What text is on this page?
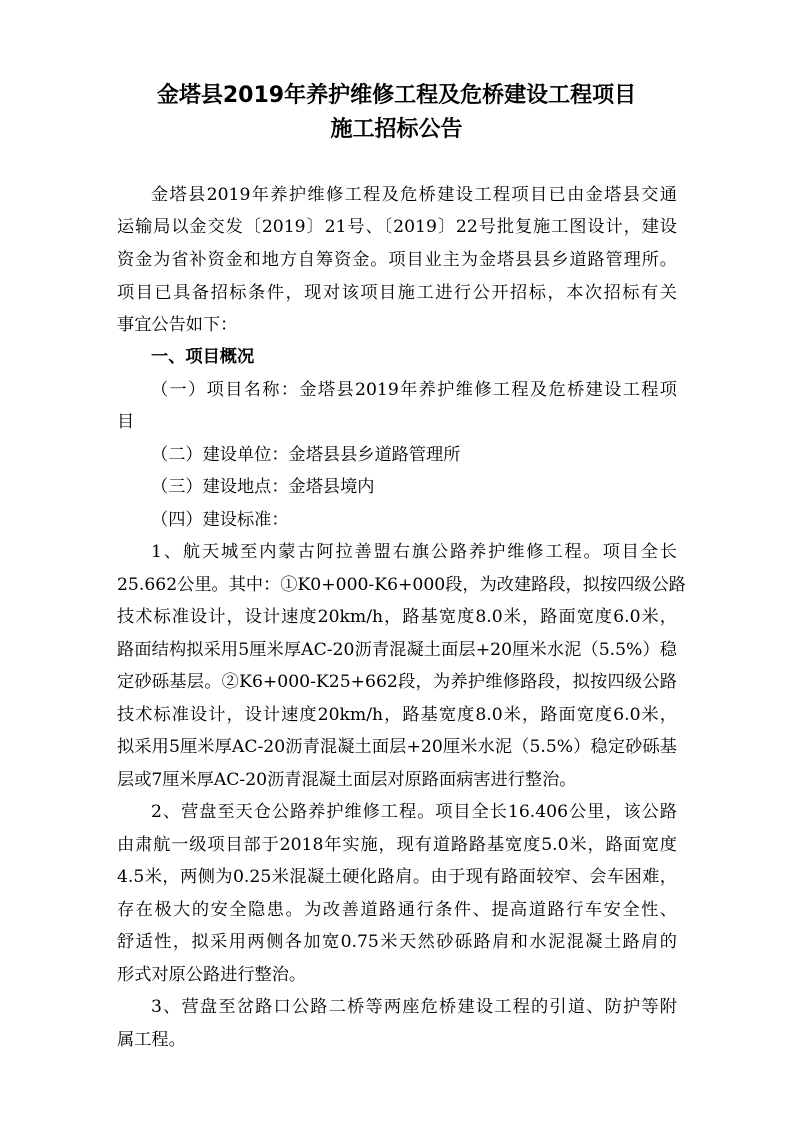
金塔县2019年养护维修工程及危桥建设工程项目
施工招标公告
金塔县2019年养护维修工程及危桥建设工程项目已由金塔县交通
运输局以金交发〔2019〕21号、〔2019〕22号批复施工图设计，建设
资金为省补资金和地方自筹资金。项目业主为金塔县县乡道路管理所。
项目已具备招标条件，现对该项目施工进行公开招标，本次招标有关
事宜公告如下：
一、项目概况
（一）项目名称：金塔县2019年养护维修工程及危桥建设工程项
目
（二）建设单位：金塔县县乡道路管理所
（三）建设地点：金塔县境内
（四）建设标准：
1、航天城至内蒙古阿拉善盟右旗公路养护维修工程。项目全长
25.662公里。其中：①K0+000-K6+000段，为改建路段，拟按四级公路
技术标准设计，设计速度20km/h，路基宽度8.0米，路面宽度6.0米，
路面结构拟采用5厘米厚AC-20沥青混凝土面层+20厘米水泥（5.5%）稳
定砂砾基层。②K6+000-K25+662段，为养护维修路段，拟按四级公路
技术标准设计，设计速度20km/h，路基宽度8.0米，路面宽度6.0米，
拟采用5厘米厚AC-20沥青混凝土面层+20厘米水泥（5.5%）稳定砂砾基
层或7厘米厚AC-20沥青混凝土面层对原路面病害进行整治。
2、营盘至天仓公路养护维修工程。项目全长16.406公里，该公路
由肃航一级项目部于2018年实施，现有道路路基宽度5.0米，路面宽度
4.5米，两侧为0.25米混凝土硬化路肩。由于现有路面较窄、会车困难，
存在极大的安全隐患。为改善道路通行条件、提高道路行车安全性、
舒适性，拟采用两侧各加宽0.75米天然砂砾路肩和水泥混凝土路肩的
形式对原公路进行整治。
3、营盘至岔路口公路二桥等两座危桥建设工程的引道、防护等附
属工程。
